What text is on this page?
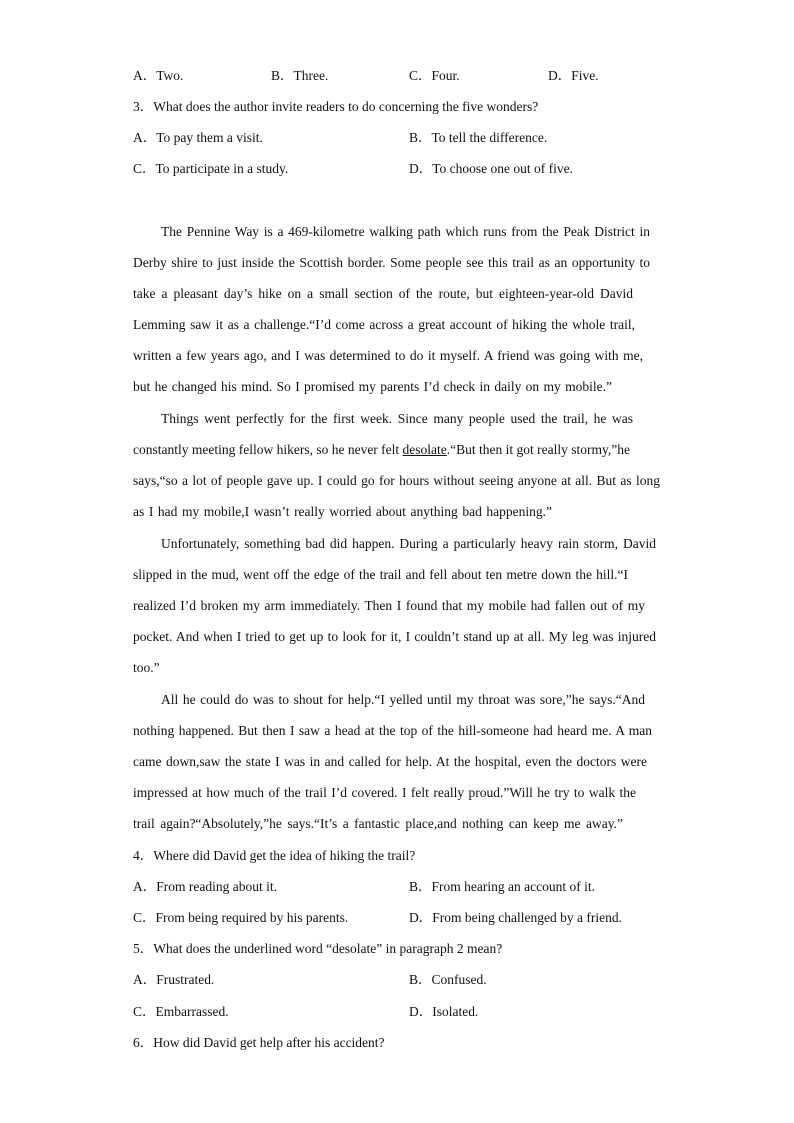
A．Two.	B．Three.	C．Four.	D．Five.
3．What does the author invite readers to do concerning the five wonders?
A．To pay them a visit.	B．To tell the difference.
C．To participate in a study.	D．To choose one out of five.
The Pennine Way is a 469-kilometre walking path which runs from the Peak District in
Derby shire to just inside the Scottish border. Some people see this trail as an opportunity to
take a pleasant day’s hike on a small section of the route, but eighteen-year-old David
Lemming saw it as a challenge.“I’d come across a great account of hiking the whole trail,
written a few years ago, and I was determined to do it myself. A friend was going with me,
but he changed his mind. So I promised my parents I’d check in daily on my mobile.”
Things went perfectly for the first week. Since many people used the trail, he was
constantly meeting fellow hikers, so he never felt desolate.“But then it got really stormy,”he
says,“so a lot of people gave up. I could go for hours without seeing anyone at all. But as long
as I had my mobile,I wasn’t really worried about anything bad happening.”
Unfortunately, something bad did happen. During a particularly heavy rain storm, David
slipped in the mud, went off the edge of the trail and fell about ten metre down the hill.“I
realized I’d broken my arm immediately. Then I found that my mobile had fallen out of my
pocket. And when I tried to get up to look for it, I couldn’t stand up at all. My leg was injured
too.”
All he could do was to shout for help.“I yelled until my throat was sore,”he says.“And
nothing happened. But then I saw a head at the top of the hill-someone had heard me. A man
came down,saw the state I was in and called for help. At the hospital, even the doctors were
impressed at how much of the trail I’d covered. I felt really proud.”Will he try to walk the
trail again?“Absolutely,”he says.“It’s a fantastic place,and nothing can keep me away.”
4．Where did David get the idea of hiking the trail?
A．From reading about it.	B．From hearing an account of it.
C．From being required by his parents.	D．From being challenged by a friend.
5．What does the underlined word “desolate” in paragraph 2 mean?
A．Frustrated.	B．Confused.
C．Embarrassed.	D．Isolated.
6．How did David get help after his accident?
